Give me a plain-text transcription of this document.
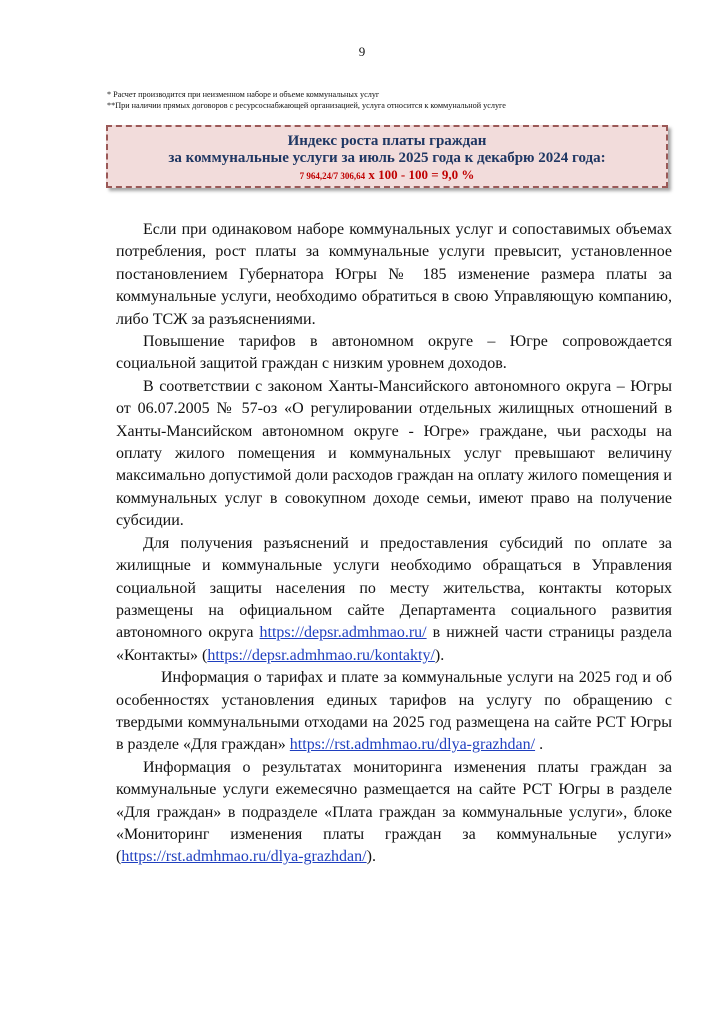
9
* Расчет производится при неизменном наборе и объеме коммунальных услуг
**При наличии прямых договоров с ресурсоснабжающей организацией, услуга относится к коммунальной услуге
Индекс роста платы граждан
за коммунальные услуги за июль 2025 года к декабрю 2024 года:
7 964,24/7 306,64 х 100 - 100 = 9,0 %

Если при одинаковом наборе коммунальных услуг и сопоставимых объемах потребления, рост платы за коммунальные услуги превысит, установленное постановлением Губернатора Югры № 185 изменение размера платы за коммунальные услуги, необходимо обратиться в свою Управляющую компанию, либо ТСЖ за разъяснениями.

Повышение тарифов в автономном округе – Югре сопровождается социальной защитой граждан с низким уровнем доходов.

В соответствии с законом Ханты-Мансийского автономного округа – Югры от 06.07.2005 № 57-оз «О регулировании отдельных жилищных отношений в Ханты-Мансийском автономном округе - Югре» граждане, чьи расходы на оплату жилого помещения и коммунальных услуг превышают величину максимально допустимой доли расходов граждан на оплату жилого помещения и коммунальных услуг в совокупном доходе семьи, имеют право на получение субсидии.

Для получения разъяснений и предоставления субсидий по оплате за жилищные и коммунальные услуги необходимо обращаться в Управления социальной защиты населения по месту жительства, контакты которых размещены на официальном сайте Департамента социального развития автономного округа https://depsr.admhmao.ru/ в нижней части страницы раздела «Контакты» (https://depsr.admhmao.ru/kontakty/).

Информация о тарифах и плате за коммунальные услуги на 2025 год и об особенностях установления единых тарифов на услугу по обращению с твердыми коммунальными отходами на 2025 год размещена на сайте РСТ Югры в разделе «Для граждан» https://rst.admhmao.ru/dlya-grazhdan/ .

Информация о результатах мониторинга изменения платы граждан за коммунальные услуги ежемесячно размещается на сайте РСТ Югры в разделе «Для граждан» в подразделе «Плата граждан за коммунальные услуги», блоке «Мониторинг изменения платы граждан за коммунальные услуги» (https://rst.admhmao.ru/dlya-grazhdan/).
